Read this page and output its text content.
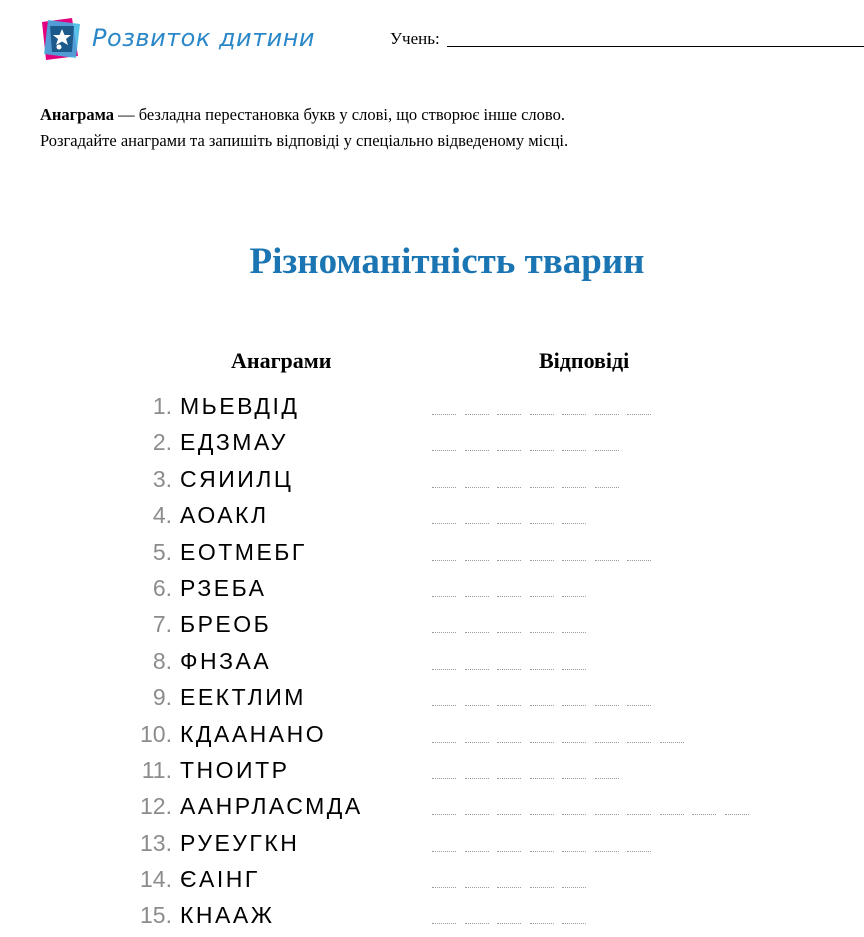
Розвиток дитини	Учень:
Анаграма — безладна перестановка букв у слові, що створює інше слово.
Розгадайте анаграми та запишіть відповіді у спеціально відведеному місці.
Різноманітність тварин
Анаграми	Відповіді
1. МЬЕВДІД
2. ЕДЗМАУ
3. СЯИИЛЦ
4. АОАКЛ
5. ЕОТМЕБГ
6. РЗЕБА
7. БРЕОБ
8. ФНЗАА
9. ЕЕКТЛИМ
10. КДААНАНО
11. ТНОИТР
12. ААНРЛАСМДА
13. РУЕУГКН
14. ЄАІНГ
15. КНААЖ
